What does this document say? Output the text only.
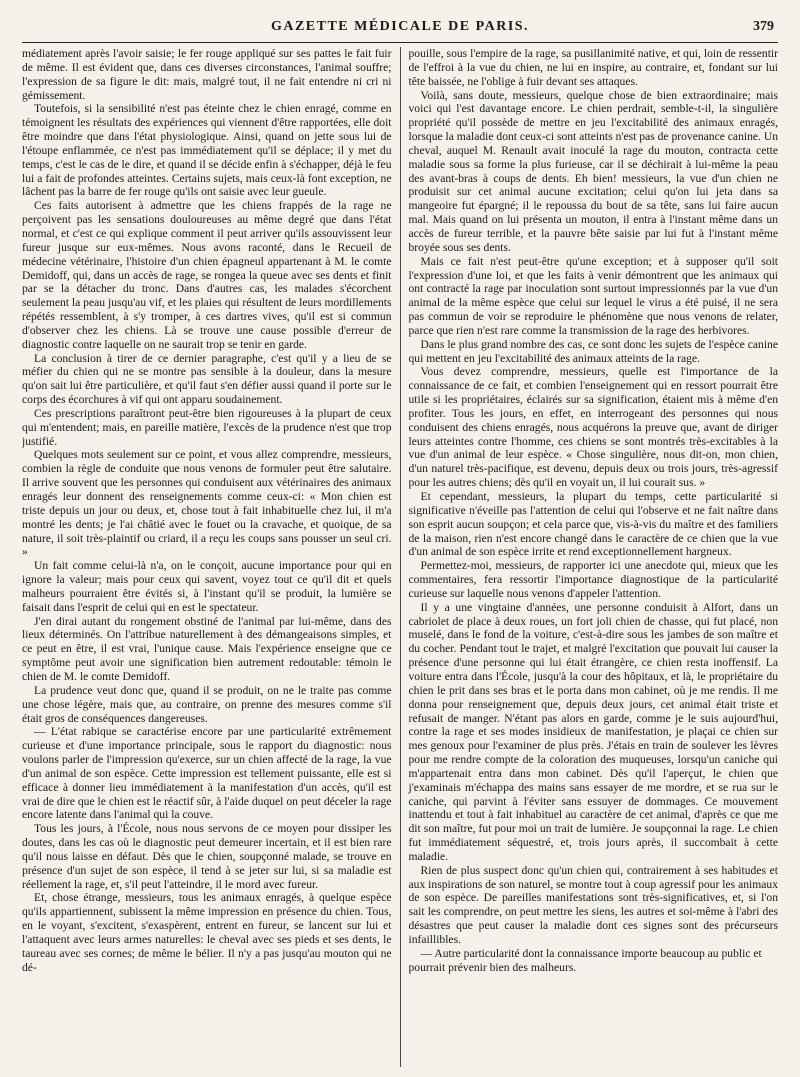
GAZETTE MÉDICALE DE PARIS.	379

médiatement après l'avoir saisie; le fer rouge appliqué sur ses pattes le fait fuir de même. Il est évident que, dans ces diverses circonstances, l'animal souffre; l'expression de sa figure le dit: mais, malgré tout, il ne fait entendre ni cri ni gémissement.

Toutefois, si la sensibilité n'est pas éteinte chez le chien enragé, comme en témoignent les résultats des expériences qui viennent d'être rapportées, elle doit être moindre que dans l'état physiologique. Ainsi, quand on jette sous lui de l'étoupe enflammée, ce n'est pas immédiatement qu'il se déplace; il y met du temps, c'est le cas de le dire, et quand il se décide enfin à s'échapper, déjà le feu lui a fait de profondes atteintes. Certains sujets, mais ceux-là font exception, ne lâchent pas la barre de fer rouge qu'ils ont saisie avec leur gueule.

Ces faits autorisent à admettre que les chiens frappés de la rage ne perçoivent pas les sensations douloureuses au même degré que dans l'état normal, et c'est ce qui explique comment il peut arriver qu'ils assouvissent leur fureur jusque sur eux-mêmes. Nous avons raconté, dans le Recueil de médecine vétérinaire, l'histoire d'un chien épagneul appartenant à M. le comte Demidoff, qui, dans un accès de rage, se rongea la queue avec ses dents et finit par se la détacher du tronc. Dans d'autres cas, les malades s'écorchent seulement la peau jusqu'au vif, et les plaies qui résultent de leurs mordillements répétés ressemblent, à s'y tromper, à ces dartres vives, qu'il est si commun d'observer chez les chiens. Là se trouve une cause possible d'erreur de diagnostic contre laquelle on ne saurait trop se tenir en garde.

La conclusion à tirer de ce dernier paragraphe, c'est qu'il y a lieu de se méfier du chien qui ne se montre pas sensible à la douleur, dans la mesure qu'on sait lui être particulière, et qu'il faut s'en défier aussi quand il porte sur le corps des écorchures à vif qui ont apparu soudainement.

Ces prescriptions paraîtront peut-être bien rigoureuses à la plupart de ceux qui m'entendent; mais, en pareille matière, l'excès de la prudence n'est que trop justifié.

Quelques mots seulement sur ce point, et vous allez comprendre, messieurs, combien la règle de conduite que nous venons de formuler peut être salutaire. Il arrive souvent que les personnes qui conduisent aux vétérinaires des animaux enragés leur donnent des renseignements comme ceux-ci: « Mon chien est triste depuis un jour ou deux, et, chose tout à fait inhabituelle chez lui, il m'a montré les dents; je l'ai châtié avec le fouet ou la cravache, et quoique, de sa nature, il soit très-plaintif ou criard, il a reçu les coups sans pousser un seul cri. »

Un fait comme celui-là n'a, on le conçoit, aucune importance pour qui en ignore la valeur; mais pour ceux qui savent, voyez tout ce qu'il dit et quels malheurs pourraient être évités si, à l'instant qu'il se produit, la lumière se faisait dans l'esprit de celui qui en est le spectateur.

J'en dirai autant du rongement obstiné de l'animal par lui-même, dans des lieux déterminés. On l'attribue naturellement à des démangeaisons simples, et ce peut en être, il est vrai, l'unique cause. Mais l'expérience enseigne que ce symptôme peut avoir une signification bien autrement redoutable: témoin le chien de M. le comte Demidoff.

La prudence veut donc que, quand il se produit, on ne le traite pas comme une chose légère, mais que, au contraire, on prenne des mesures comme s'il était gros de conséquences dangereuses.

— L'état rabique se caractérise encore par une particularité extrêmement curieuse et d'une importance principale, sous le rapport du diagnostic: nous voulons parler de l'impression qu'exerce, sur un chien affecté de la rage, la vue d'un animal de son espèce. Cette impression est tellement puissante, elle est si efficace à donner lieu immédiatement à la manifestation d'un accès, qu'il est vrai de dire que le chien est le réactif sûr, à l'aide duquel on peut déceler la rage encore latente dans l'animal qui la couve.

Tous les jours, à l'École, nous nous servons de ce moyen pour dissiper les doutes, dans les cas où le diagnostic peut demeurer incertain, et il est bien rare qu'il nous laisse en défaut. Dès que le chien, soupçonné malade, se trouve en présence d'un sujet de son espèce, il tend à se jeter sur lui, si sa maladie est réellement la rage, et, s'il peut l'atteindre, il le mord avec fureur.

Et, chose étrange, messieurs, tous les animaux enragés, à quelque espèce qu'ils appartiennent, subissent la même impression en présence du chien. Tous, en le voyant, s'excitent, s'exaspèrent, entrent en fureur, se lancent sur lui et l'attaquent avec leurs armes naturelles: le cheval avec ses pieds et ses dents, le taureau avec ses cornes; de même le bélier. Il n'y a pas jusqu'au mouton qui ne dé-

pouille, sous l'empire de la rage, sa pusillanimité native, et qui, loin de ressentir de l'effroi à la vue du chien, ne lui en inspire, au contraire, et, fondant sur lui tête baissée, ne l'oblige à fuir devant ses attaques.

Voilà, sans doute, messieurs, quelque chose de bien extraordinaire; mais voici qui l'est davantage encore. Le chien perdrait, semble-t-il, la singulière propriété qu'il possède de mettre en jeu l'excitabilité des animaux enragés, lorsque la maladie dont ceux-ci sont atteints n'est pas de provenance canine. Un cheval, auquel M. Renault avait inoculé la rage du mouton, contracta cette maladie sous sa forme la plus furieuse, car il se déchirait à lui-même la peau des avant-bras à coups de dents. Eh bien! messieurs, la vue d'un chien ne produisit sur cet animal aucune excitation; celui qu'on lui jeta dans sa mangeoire fut épargné; il le repoussa du bout de sa tête, sans lui faire aucun mal. Mais quand on lui présenta un mouton, il entra à l'instant même dans un accès de fureur terrible, et la pauvre bête saisie par lui fut à l'instant même broyée sous ses dents.

Mais ce fait n'est peut-être qu'une exception; et à supposer qu'il soit l'expression d'une loi, et que les faits à venir démontrent que les animaux qui ont contracté la rage par inoculation sont surtout impressionnés par la vue d'un animal de la même espèce que celui sur lequel le virus a été puisé, il ne sera pas commun de voir se reproduire le phénomène que nous venons de relater, parce que rien n'est rare comme la transmission de la rage des herbivores.

Dans le plus grand nombre des cas, ce sont donc les sujets de l'espèce canine qui mettent en jeu l'excitabilité des animaux atteints de la rage.

Vous devez comprendre, messieurs, quelle est l'importance de la connaissance de ce fait, et combien l'enseignement qui en ressort pourrait être utile si les propriétaires, éclairés sur sa signification, étaient mis à même d'en profiter. Tous les jours, en effet, en interrogeant des personnes qui nous conduisent des chiens enragés, nous acquérons la preuve que, avant de diriger leurs atteintes contre l'homme, ces chiens se sont montrés très-excitables à la vue d'un animal de leur espèce. « Chose singulière, nous dit-on, mon chien, d'un naturel très-pacifique, est devenu, depuis deux ou trois jours, très-agressif pour les autres chiens; dès qu'il en voyait un, il lui courait sus. »

Et cependant, messieurs, la plupart du temps, cette particularité si significative n'éveille pas l'attention de celui qui l'observe et ne fait naître dans son esprit aucun soupçon; et cela parce que, vis-à-vis du maître et des familiers de la maison, rien n'est encore changé dans le caractère de ce chien que la vue d'un animal de son espèce irrite et rend exceptionnellement hargneux.

Permettez-moi, messieurs, de rapporter ici une anecdote qui, mieux que les commentaires, fera ressortir l'importance diagnostique de la particularité curieuse sur laquelle nous venons d'appeler l'attention.

Il y a une vingtaine d'années, une personne conduisit à Alfort, dans un cabriolet de place à deux roues, un fort joli chien de chasse, qui fut placé, non muselé, dans le fond de la voiture, c'est-à-dire sous les jambes de son maître et du cocher. Pendant tout le trajet, et malgré l'excitation que pouvait lui causer la présence d'une personne qui lui était étrangère, ce chien resta inoffensif. La voiture entra dans l'École, jusqu'à la cour des hôpitaux, et là, le propriétaire du chien le prit dans ses bras et le porta dans mon cabinet, où je me rendis. Il me donna pour renseignement que, depuis deux jours, cet animal était triste et refusait de manger. N'étant pas alors en garde, comme je le suis aujourd'hui, contre la rage et ses modes insidieux de manifestation, je plaçai ce chien sur mes genoux pour l'examiner de plus près. J'étais en train de soulever les lèvres pour me rendre compte de la coloration des muqueuses, lorsqu'un caniche qui m'appartenait entra dans mon cabinet. Dès qu'il l'aperçut, le chien que j'examinais m'échappa des mains sans essayer de me mordre, et se rua sur le caniche, qui parvint à l'éviter sans essuyer de dommages. Ce mouvement inattendu et tout à fait inhabituel au caractère de cet animal, d'après ce que me dit son maître, fut pour moi un trait de lumière. Je soupçonnai la rage. Le chien fut immédiatement séquestré, et, trois jours après, il succombait à cette maladie.

Rien de plus suspect donc qu'un chien qui, contrairement à ses habitudes et aux inspirations de son naturel, se montre tout à coup agressif pour les animaux de son espèce. De pareilles manifestations sont très-significatives, et, si l'on sait les comprendre, on peut mettre les siens, les autres et soi-même à l'abri des désastres que peut causer la maladie dont ces signes sont des précurseurs infaillibles.

— Autre particularité dont la connaissance importe beaucoup au public et pourrait prévenir bien des malheurs.
